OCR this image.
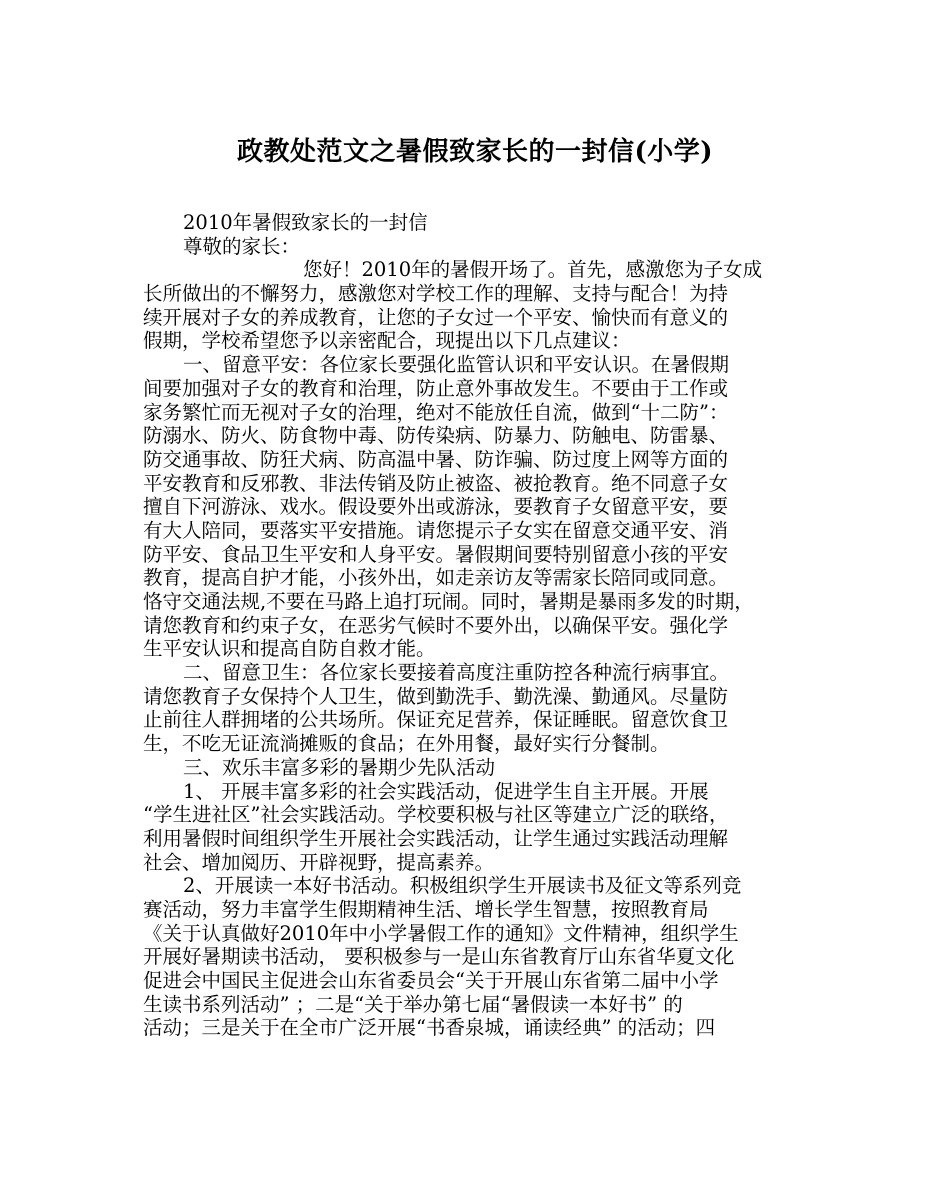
政教处范文之暑假致家长的一封信(小学)
2010年暑假致家长的一封信
尊敬的家长：
您好！2010年的暑假开场了。首先，感激您为子女成
长所做出的不懈努力，感激您对学校工作的理解、支持与配合！为持
续开展对子女的养成教育，让您的子女过一个平安、愉快而有意义的
假期，学校希望您予以亲密配合，现提出以下几点建议：
一、留意平安：各位家长要强化监管认识和平安认识。在暑假期
间要加强对子女的教育和治理，防止意外事故发生。不要由于工作或
家务繁忙而无视对子女的治理，绝对不能放任自流，做到“十二防”：
防溺水、防火、防食物中毒、防传染病、防暴力、防触电、防雷暴、
防交通事故、防狂犬病、防高温中暑、防诈骗、防过度上网等方面的
平安教育和反邪教、非法传销及防止被盗、被抢教育。绝不同意子女
擅自下河游泳、戏水。假设要外出或游泳，要教育子女留意平安，要
有大人陪同，要落实平安措施。请您提示子女实在留意交通平安、消
防平安、食品卫生平安和人身平安。暑假期间要特别留意小孩的平安
教育，提高自护才能，小孩外出，如走亲访友等需家长陪同或同意。
恪守交通法规,不要在马路上追打玩闹。同时，暑期是暴雨多发的时期，
请您教育和约束子女，在恶劣气候时不要外出，以确保平安。强化学
生平安认识和提高自防自救才能。
二、留意卫生：各位家长要接着高度注重防控各种流行病事宜。
请您教育子女保持个人卫生，做到勤洗手、勤洗澡、勤通风。尽量防
止前往人群拥堵的公共场所。保证充足营养，保证睡眠。留意饮食卫
生，不吃无证流淌摊贩的食品；在外用餐，最好实行分餐制。
三、欢乐丰富多彩的暑期少先队活动
1、 开展丰富多彩的社会实践活动，促进学生自主开展。开展
“学生进社区”社会实践活动。学校要积极与社区等建立广泛的联络，
利用暑假时间组织学生开展社会实践活动，让学生通过实践活动理解
社会、增加阅历、开辟视野，提高素养。
2、开展读一本好书活动。积极组织学生开展读书及征文等系列竞
赛活动，努力丰富学生假期精神生活、增长学生智慧，按照教育局
《关于认真做好2010年中小学暑假工作的通知》文件精神，组织学生
开展好暑期读书活动， 要积极参与一是山东省教育厅山东省华夏文化
促进会中国民主促进会山东省委员会“关于开展山东省第二届中小学
生读书系列活动” ；二是“关于举办第七届“暑假读一本好书” 的
活动；三是关于在全市广泛开展“书香泉城，诵读经典” 的活动；四
